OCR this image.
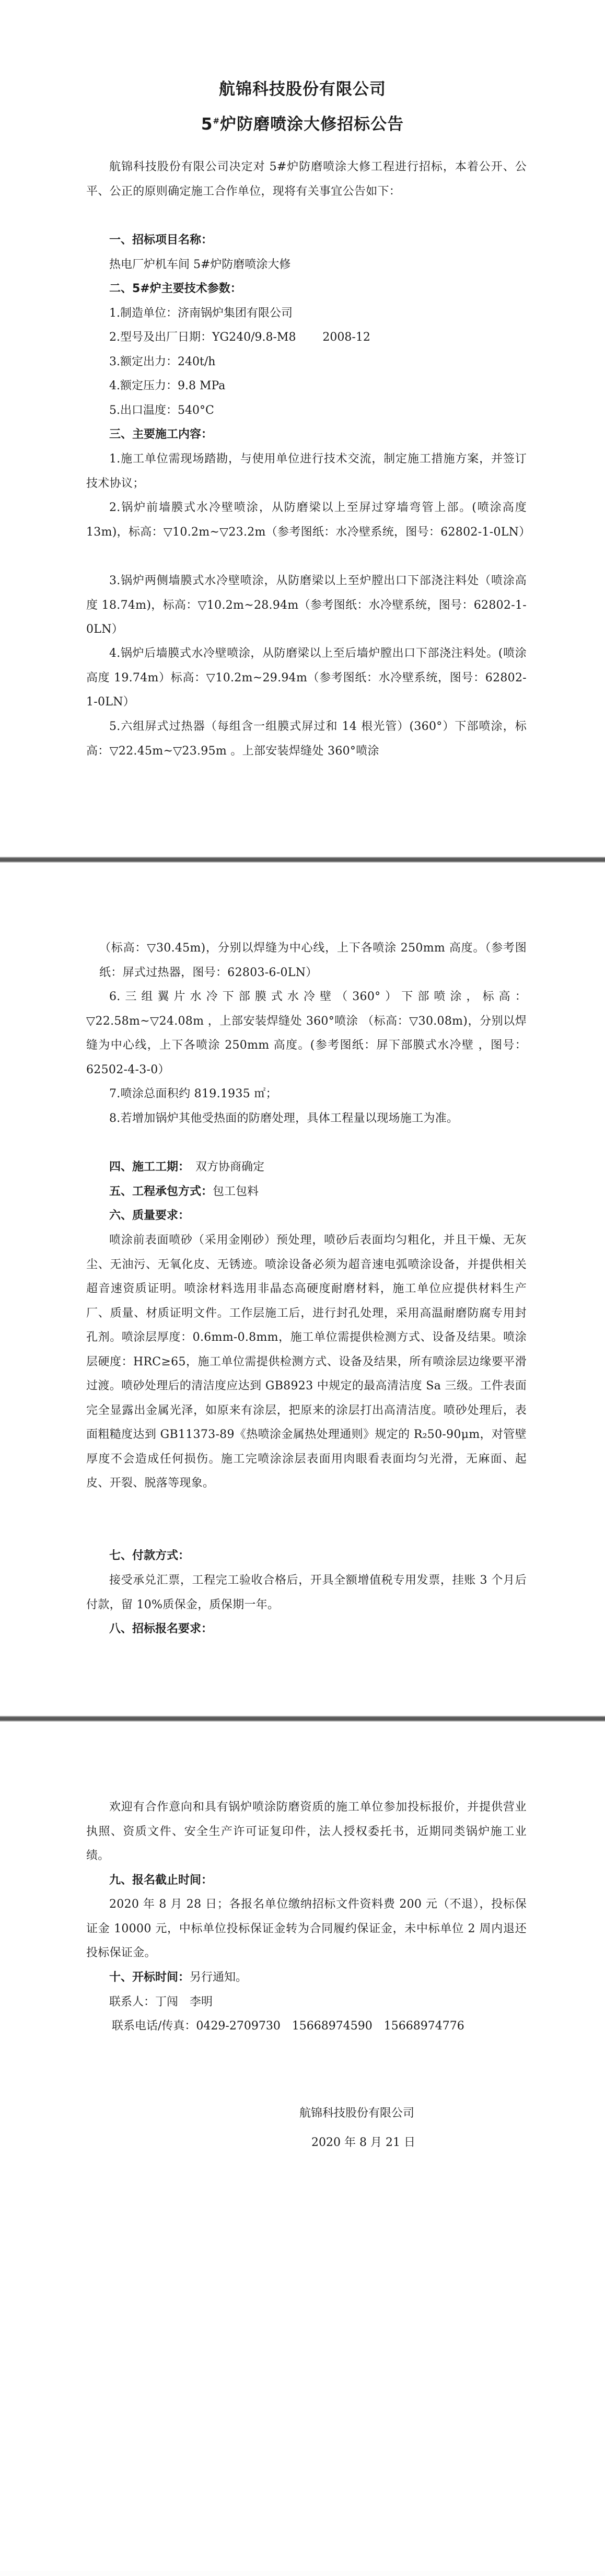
航锦科技股份有限公司
5#炉防磨喷涂大修招标公告
航锦科技股份有限公司决定对 5#炉防磨喷涂大修工程进行招标，本着公开、公平、公正的原则确定施工合作单位，现将有关事宜公告如下：
一、招标项目名称：
热电厂炉机车间 5#炉防磨喷涂大修
二、5#炉主要技术参数：
1.制造单位：济南锅炉集团有限公司
2.型号及出厂日期：YG240/9.8-M8　　 2008-12
3.额定出力：240t/h
4.额定压力：9.8 MPa
5.出口温度：540°C
三、主要施工内容：
1.施工单位需现场踏勘，与使用单位进行技术交流，制定施工措施方案，并签订技术协议；
2.锅炉前墙膜式水冷壁喷涂，从防磨梁以上至屏过穿墙弯管上部。(喷涂高度 13m)，标高：▽10.2m~▽23.2m（参考图纸：水冷壁系统，图号：62802-1-0LN）
3.锅炉两侧墙膜式水冷壁喷涂，从防磨梁以上至炉膛出口下部浇注料处（喷涂高度 18.74m)，标高：▽10.2m~28.94m（参考图纸：水冷壁系统，图号：62802-1-0LN）
4.锅炉后墙膜式水冷壁喷涂，从防磨梁以上至后墙炉膛出口下部浇注料处。(喷涂高度 19.74m）标高：▽10.2m~29.94m（参考图纸：水冷壁系统，图号：62802-1-0LN）
5.六组屏式过热器（每组含一组膜式屏过和 14 根光管）(360°）下部喷涂，标高：▽22.45m~▽23.95m 。上部安装焊缝处 360°喷涂
（标高：▽30.45m)，分别以焊缝为中心线，上下各喷涂 250mm 高度。（参考图纸：屏式过热器，图号：62803-6-0LN）
6.三组翼片水冷下部膜式水冷壁（360°）下部喷涂，标高：▽22.58m~▽24.08m ，上部安装焊缝处 360°喷涂 （标高：▽30.08m)，分别以焊缝为中心线，上下各喷涂 250mm 高度。(参考图纸：屏下部膜式水冷壁 ，图号：62502-4-3-0）
7.喷涂总面积约 819.1935 ㎡；
8.若增加锅炉其他受热面的防磨处理，具体工程量以现场施工为准。
四、施工工期：　双方协商确定
五、工程承包方式：包工包料
六、质量要求：
喷涂前表面喷砂（采用金刚砂）预处理，喷砂后表面均匀粗化，并且干燥、无灰尘、无油污、无氧化皮、无锈迹。喷涂设备必须为超音速电弧喷涂设备，并提供相关超音速资质证明。喷涂材料选用非晶态高硬度耐磨材料，施工单位应提供材料生产厂、质量、材质证明文件。工作层施工后，进行封孔处理，采用高温耐磨防腐专用封孔剂。喷涂层厚度：0.6mm-0.8mm，施工单位需提供检测方式、设备及结果。喷涂层硬度：HRC≥65，施工单位需提供检测方式、设备及结果，所有喷涂层边缘要平滑过渡。喷砂处理后的清洁度应达到 GB8923 中规定的最高清洁度 Sa 三级。工件表面完全显露出金属光泽，如原来有涂层，把原来的涂层打出高清洁度。喷砂处理后，表面粗糙度达到 GB11373-89《热喷涂金属热处理通则》规定的 R₂50-90μm，对管壁厚度不会造成任何损伤。施工完喷涂涂层表面用肉眼看表面均匀光滑，无麻面、起皮、开裂、脱落等现象。
七、付款方式：
接受承兑汇票，工程完工验收合格后，开具全额增值税专用发票，挂账 3 个月后付款，留 10%质保金，质保期一年。
八、招标报名要求：
欢迎有合作意向和具有锅炉喷涂防磨资质的施工单位参加投标报价，并提供营业执照、资质文件、安全生产许可证复印件，法人授权委托书，近期同类锅炉施工业绩。
九、报名截止时间：
2020 年 8 月 28 日；各报名单位缴纳招标文件资料费 200 元（不退），投标保证金 10000 元，中标单位投标保证金转为合同履约保证金，未中标单位 2 周内退还投标保证金。
十、开标时间：另行通知。
联系人：丁闯　李明
联系电话/传真：0429-2709730　15668974590　15668974776
航锦科技股份有限公司
2020 年 8 月 21 日
